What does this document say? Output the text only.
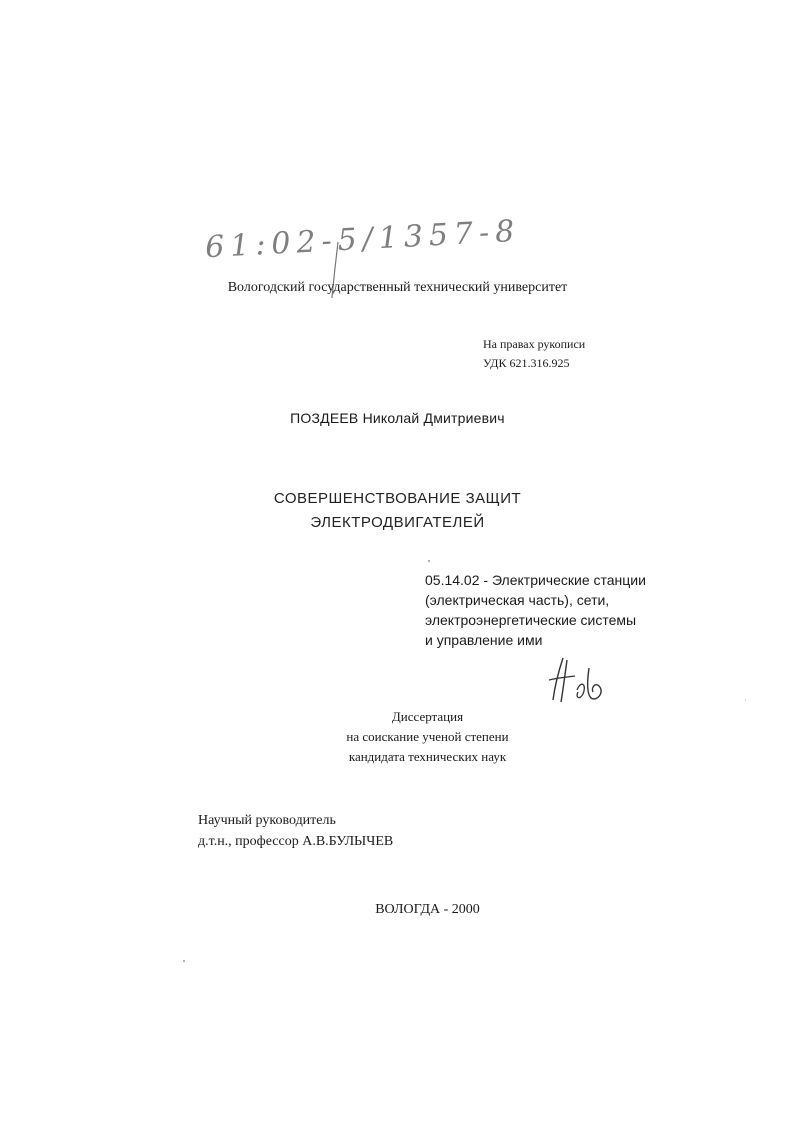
61:02-5/1357-8
Вологодский государственный технический университет
На правах рукописи
УДК 621.316.925
ПОЗДЕЕВ Николай Дмитриевич
СОВЕРШЕНСТВОВАНИЕ ЗАЩИТ
ЭЛЕКТРОДВИГАТЕЛЕЙ
05.14.02 - Электрические станции
(электрическая часть), сети,
электроэнергетические системы
и управление ими
Диссертация
на соискание ученой степени
кандидата технических наук
Научный руководитель
д.т.н., профессор А.В.БУЛЫЧЕВ
ВОЛОГДА - 2000
